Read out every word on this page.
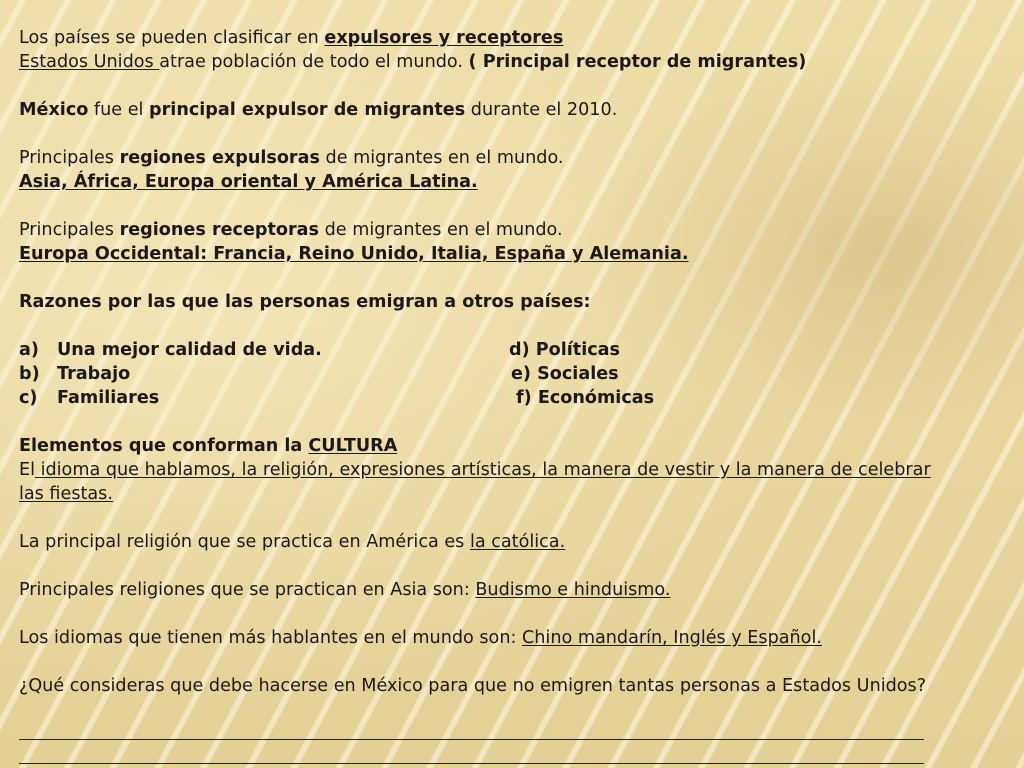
Los países se pueden clasificar en expulsores y receptores

Estados Unidos atrae población de todo el mundo. ( Principal receptor de migrantes)

México fue el principal expulsor de migrantes durante el 2010.

Principales regiones expulsoras de migrantes en el mundo.

Asia, África, Europa oriental y América Latina.

Principales regiones receptoras de migrantes en el mundo.

Europa Occidental: Francia, Reino Unido, Italia, España y Alemania.

Razones por las que las personas emigran a otros países:

a) Una mejor calidad de vida.	d) Políticas
b) Trabajo	e) Sociales
c) Familiares	f) Económicas

Elementos que conforman la CULTURA

El idioma que hablamos, la religión, expresiones artísticas, la manera de vestir y la manera de celebrar las fiestas.

La principal religión que se practica en América es la católica.

Principales religiones que se practican en Asia son: Budismo e hinduismo.

Los idiomas que tienen más hablantes en el mundo son: Chino mandarín, Inglés y Español.

¿Qué consideras que debe hacerse en México para que no emigren tantas personas a Estados Unidos?
